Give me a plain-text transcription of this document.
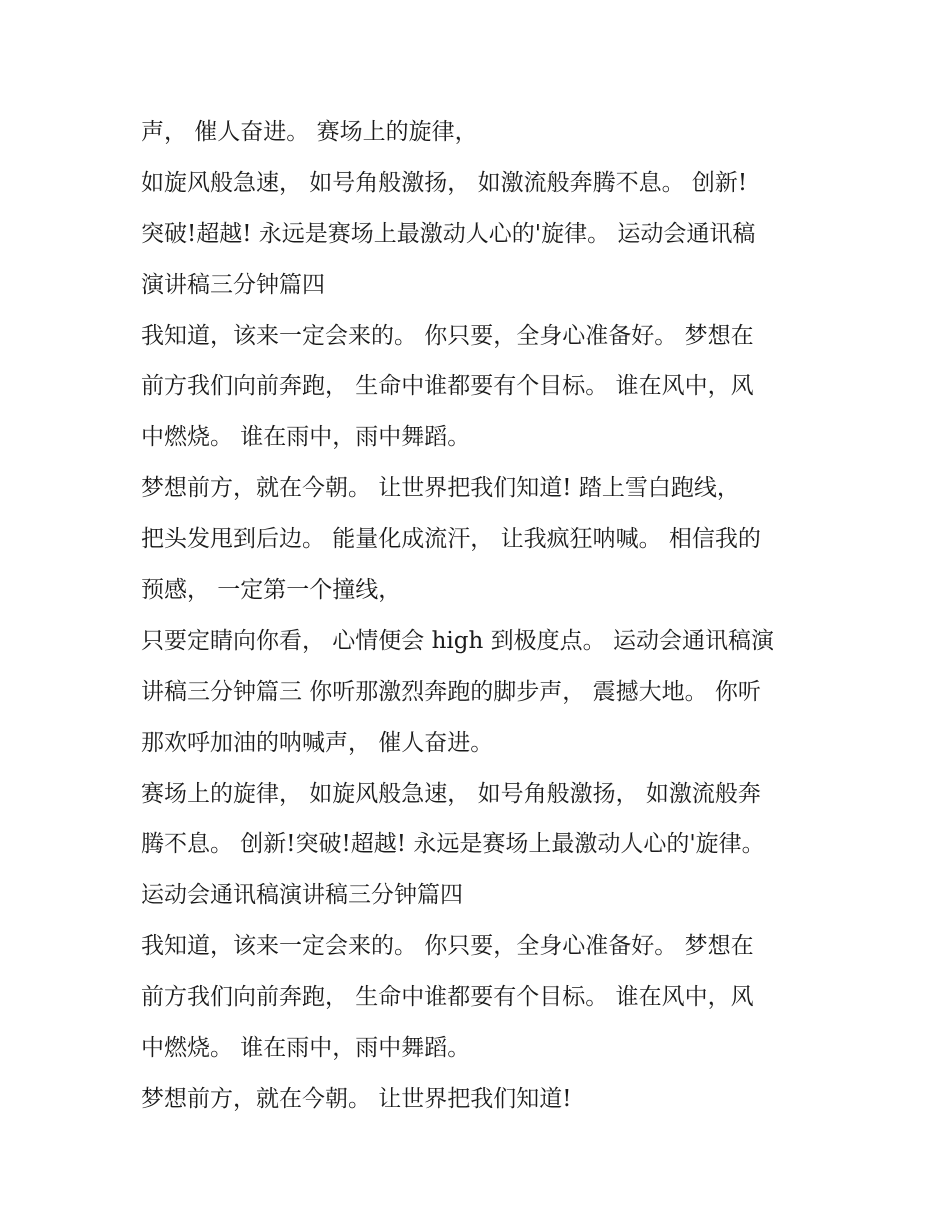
声， 催人奋进。 赛场上的旋律，
如旋风般急速， 如号角般激扬， 如激流般奔腾不息。 创新!
突破!超越! 永远是赛场上最激动人心的'旋律。 运动会通讯稿
演讲稿三分钟篇四
我知道，该来一定会来的。 你只要，全身心准备好。 梦想在
前方我们向前奔跑， 生命中谁都要有个目标。 谁在风中，风
中燃烧。 谁在雨中，雨中舞蹈。
梦想前方，就在今朝。 让世界把我们知道! 踏上雪白跑线，
把头发甩到后边。 能量化成流汗， 让我疯狂呐喊。 相信我的
预感， 一定第一个撞线，
只要定睛向你看， 心情便会 high 到极度点。 运动会通讯稿演
讲稿三分钟篇三 你听那激烈奔跑的脚步声， 震撼大地。 你听
那欢呼加油的呐喊声， 催人奋进。
赛场上的旋律， 如旋风般急速， 如号角般激扬， 如激流般奔
腾不息。 创新!突破!超越! 永远是赛场上最激动人心的'旋律。
运动会通讯稿演讲稿三分钟篇四
我知道，该来一定会来的。 你只要，全身心准备好。 梦想在
前方我们向前奔跑， 生命中谁都要有个目标。 谁在风中，风
中燃烧。 谁在雨中，雨中舞蹈。
梦想前方，就在今朝。 让世界把我们知道!
